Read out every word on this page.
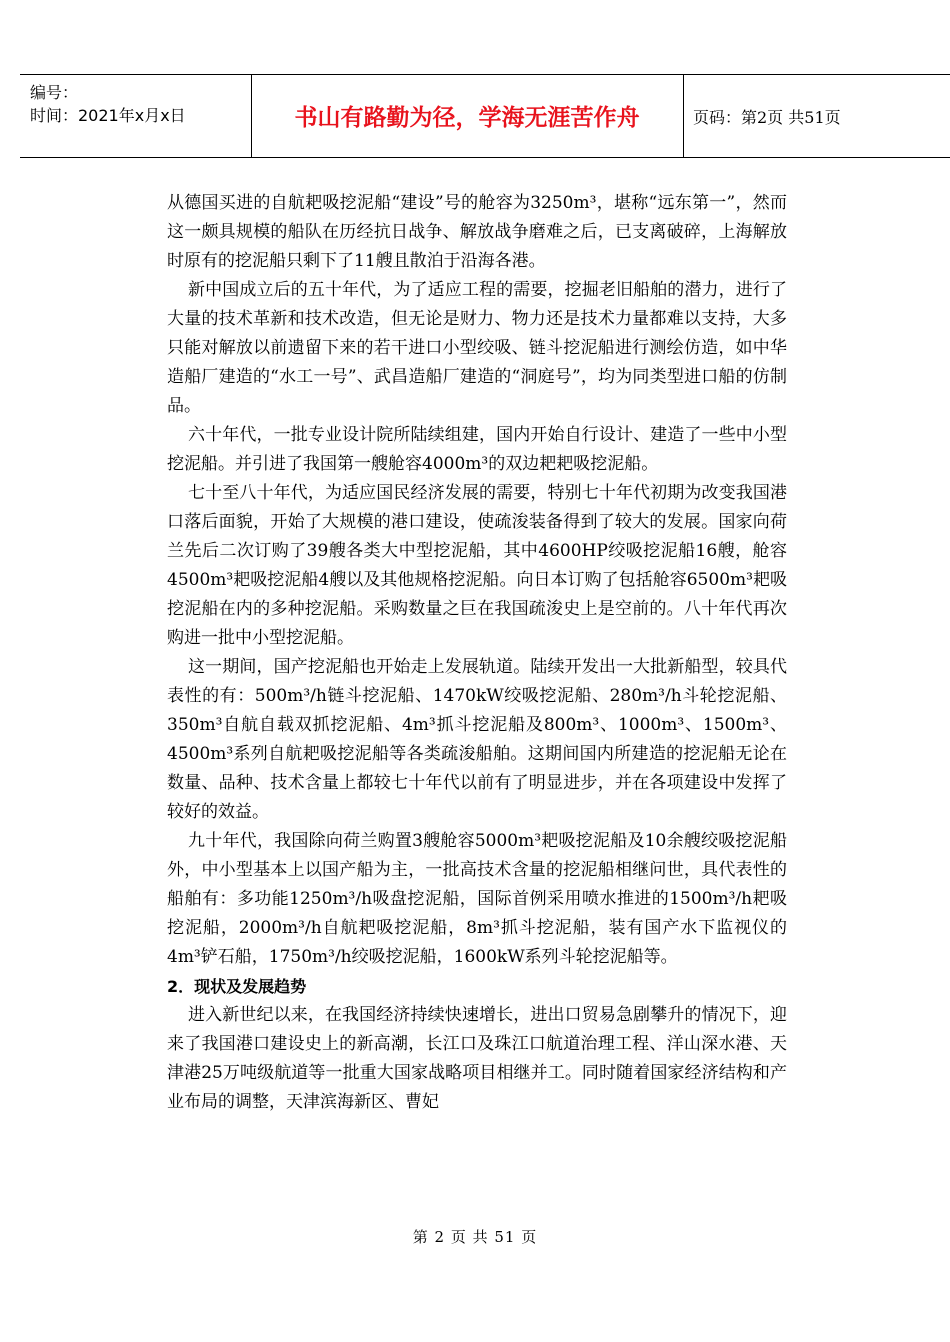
编号：
时间：2021年x月x日	书山有路勤为径，学海无涯苦作舟	页码：第2页 共51页

从德国买进的自航耙吸挖泥船“建设”号的舱容为3250m³，堪称“远东第一”，然而这一颇具规模的船队在历经抗日战争、解放战争磨难之后，已支离破碎，上海解放时原有的挖泥船只剩下了11艘且散泊于沿海各港。

新中国成立后的五十年代，为了适应工程的需要，挖掘老旧船舶的潜力，进行了大量的技术革新和技术改造，但无论是财力、物力还是技术力量都难以支持，大多只能对解放以前遗留下来的若干进口小型绞吸、链斗挖泥船进行测绘仿造，如中华造船厂建造的“水工一号”、武昌造船厂建造的“洞庭号”，均为同类型进口船的仿制品。

六十年代，一批专业设计院所陆续组建，国内开始自行设计、建造了一些中小型挖泥船。并引进了我国第一艘舱容4000m³的双边耙耙吸挖泥船。

七十至八十年代，为适应国民经济发展的需要，特别七十年代初期为改变我国港口落后面貌，开始了大规模的港口建设，使疏浚装备得到了较大的发展。国家向荷兰先后二次订购了39艘各类大中型挖泥船，其中4600HP绞吸挖泥船16艘，舱容4500m³耙吸挖泥船4艘以及其他规格挖泥船。向日本订购了包括舱容6500m³耙吸挖泥船在内的多种挖泥船。采购数量之巨在我国疏浚史上是空前的。八十年代再次购进一批中小型挖泥船。

这一期间，国产挖泥船也开始走上发展轨道。陆续开发出一大批新船型，较具代表性的有：500m³/h链斗挖泥船、1470kW绞吸挖泥船、280m³/h斗轮挖泥船、350m³自航自载双抓挖泥船、4m³抓斗挖泥船及800m³、1000m³、1500m³、4500m³系列自航耙吸挖泥船等各类疏浚船舶。这期间国内所建造的挖泥船无论在数量、品种、技术含量上都较七十年代以前有了明显进步，并在各项建设中发挥了较好的效益。

九十年代，我国除向荷兰购置3艘舱容5000m³耙吸挖泥船及10余艘绞吸挖泥船外，中小型基本上以国产船为主，一批高技术含量的挖泥船相继问世，具代表性的船舶有：多功能1250m³/h吸盘挖泥船，国际首例采用喷水推进的1500m³/h耙吸挖泥船，2000m³/h自航耙吸挖泥船，8m³抓斗挖泥船，装有国产水下监视仪的4m³铲石船，1750m³/h绞吸挖泥船，1600kW系列斗轮挖泥船等。

2．现状及发展趋势

进入新世纪以来，在我国经济持续快速增长，进出口贸易急剧攀升的情况下，迎来了我国港口建设史上的新高潮，长江口及珠江口航道治理工程、洋山深水港、天津港25万吨级航道等一批重大国家战略项目相继并工。同时随着国家经济结构和产业布局的调整，天津滨海新区、曹妃

第 2 页 共 51 页
